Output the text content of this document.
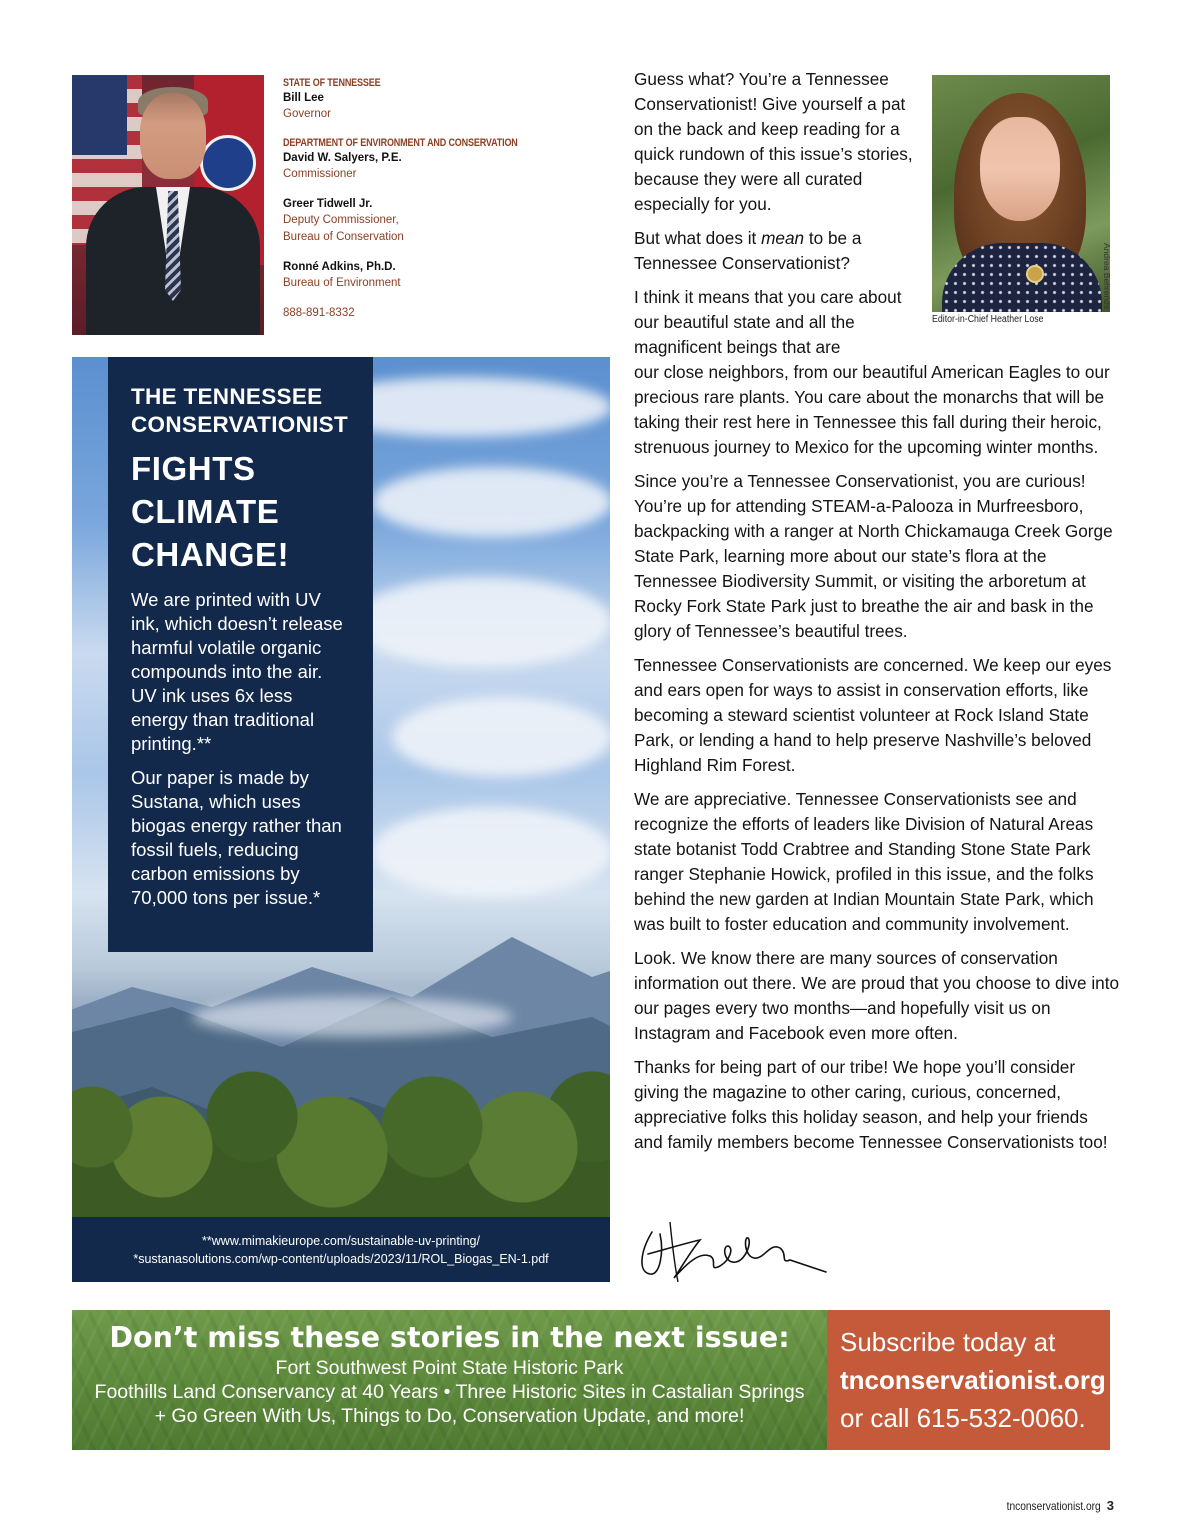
STATE OF TENNESSEE
Bill Lee
Governor
DEPARTMENT OF ENVIRONMENT AND CONSERVATION
David W. Salyers, P.E.
Commissioner
Greer Tidwell Jr.
Deputy Commissioner,
Bureau of Conservation
Ronné Adkins, Ph.D.
Bureau of Environment
888-891-8332
**www.mimakieurope.com/sustainable-uv-printing/
*sustanasolutions.com/wp-content/uploads/2023/11/ROL_Biogas_EN-1.pdf
THE TENNESSEE
CONSERVATIONIST
FIGHTS
CLIMATE
CHANGE!

We are printed with UV ink, which doesn’t release harmful volatile organic compounds into the air. UV ink uses 6x less energy than traditional printing.**

Our paper is made by Sustana, which uses biogas energy rather than fossil fuels, reducing carbon emissions by 70,000 tons per issue.*

Andrea Behrends
Editor-in-Chief Heather Lose

Guess what? You’re a Tennessee Conservationist! Give yourself a pat on the back and keep reading for a quick rundown of this issue’s stories, because they were all curated especially for you.

But what does it mean to be a Tennessee Conservationist?

I think it means that you care about our beautiful state and all the magnificent beings that are
our close neighbors, from our beautiful American Eagles to our precious rare plants. You care about the monarchs that will be taking their rest here in Tennessee this fall during their heroic, strenuous journey to Mexico for the upcoming winter months.

Since you’re a Tennessee Conservationist, you are curious! You’re up for attending STEAM-a-Palooza in Murfreesboro, backpacking with a ranger at North Chickamauga Creek Gorge State Park, learning more about our state’s flora at the Tennessee Biodiversity Summit, or visiting the arboretum at Rocky Fork State Park just to breathe the air and bask in the glory of Tennessee’s beautiful trees.

Tennessee Conservationists are concerned. We keep our eyes and ears open for ways to assist in conservation efforts, like becoming a steward scientist volunteer at Rock Island State Park, or lending a hand to help preserve Nashville’s beloved Highland Rim Forest.

We are appreciative. Tennessee Conservationists see and recognize the efforts of leaders like Division of Natural Areas state botanist Todd Crabtree and Standing Stone State Park ranger Stephanie Howick, profiled in this issue, and the folks behind the new garden at Indian Mountain State Park, which was built to foster education and community involvement.

Look. We know there are many sources of conservation information out there. We are proud that you choose to dive into our pages every two months—and hopefully visit us on Instagram and Facebook even more often.

Thanks for being part of our tribe! We hope you’ll consider giving the magazine to other caring, curious, concerned, appreciative folks this holiday season, and help your friends and family members become Tennessee Conservationists too!

Don’t miss these stories in the next issue:
Fort Southwest Point State Historic Park
Foothills Land Conservancy at 40 Years • Three Historic Sites in Castalian Springs
+ Go Green With Us, Things to Do, Conservation Update, and more!
Subscribe today at
tnconservationist.org
or call 615-532-0060.
tnconservationist.org 3
